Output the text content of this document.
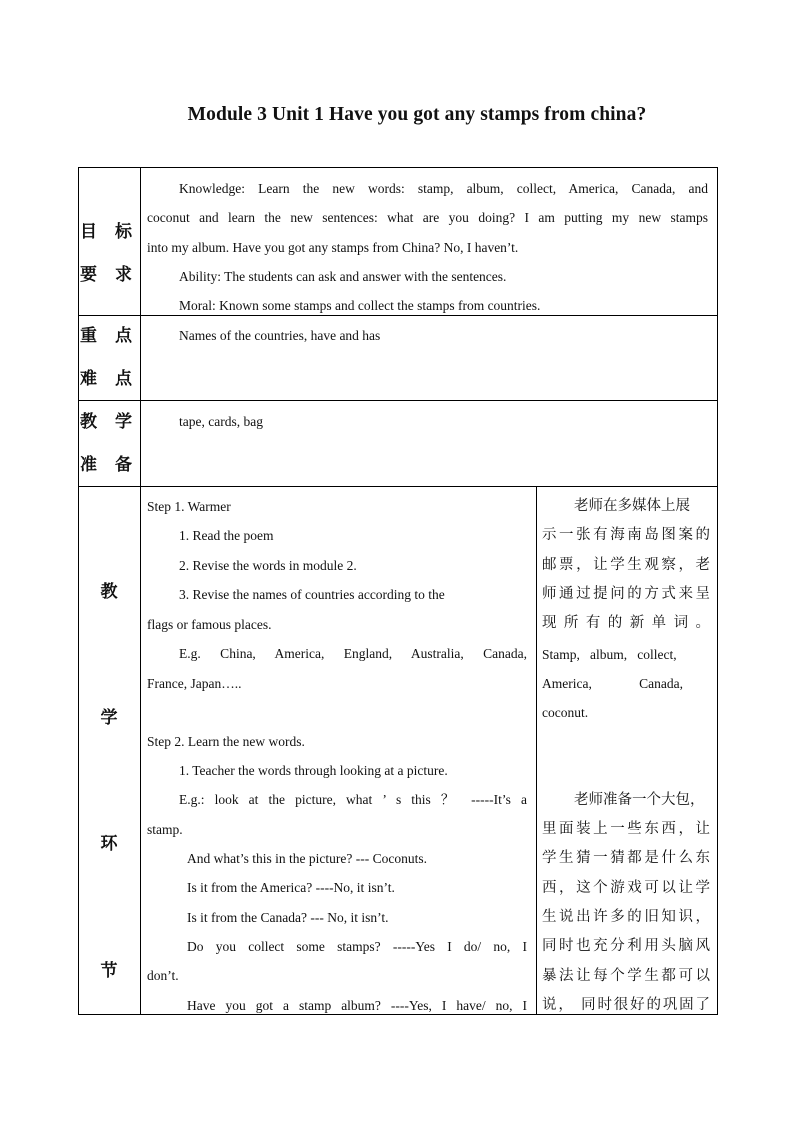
Module 3 Unit 1 Have you got any stamps from china?
目 标
要 求
Knowledge: Learn the new words: stamp, album, collect, America, Canada, and
coconut and learn the new sentences: what are you doing? I am putting my new stamps
into my album. Have you got any stamps from China? No, I haven’t.
Ability: The students can ask and answer with the sentences.
Moral: Known some stamps and collect the stamps from countries.
重 点
难 点
Names of the countries, have and has
教 学
准 备
tape, cards, bag
教
学
环
节
Step 1. Warmer
1. Read the poem
2. Revise the words in module 2.
3. Revise the names of countries according to the
flags or famous places.
E.g. China, America, England, Australia, Canada,
France, Japan…..
Step 2. Learn the new words.
1. Teacher the words through looking at a picture.
E.g.: look at the picture, what ’ s this ？ -----It’s a
stamp.
And what’s this in the picture? --- Coconuts.
Is it from the America? ----No, it isn’t.
Is it from the Canada? --- No, it isn’t.
Do you collect some stamps? -----Yes I do/ no, I
don’t.
Have you got a stamp album? ----Yes, I have/ no, I
老师在多媒体上展
示一张有海南岛图案的
邮票，让学生观察，老
师通过提问的方式来呈
现 所 有 的 新 单 词 。
Stamp,   album,   collect,
America,              Canada,
coconut.
老师准备一个大包，
里面装上一些东西，让
学生猜一猜都是什么东
西，这个游戏可以让学
生说出许多的旧知识，
同时也充分利用头脑风
暴法让每个学生都可以
说， 同时很好的巩固了
